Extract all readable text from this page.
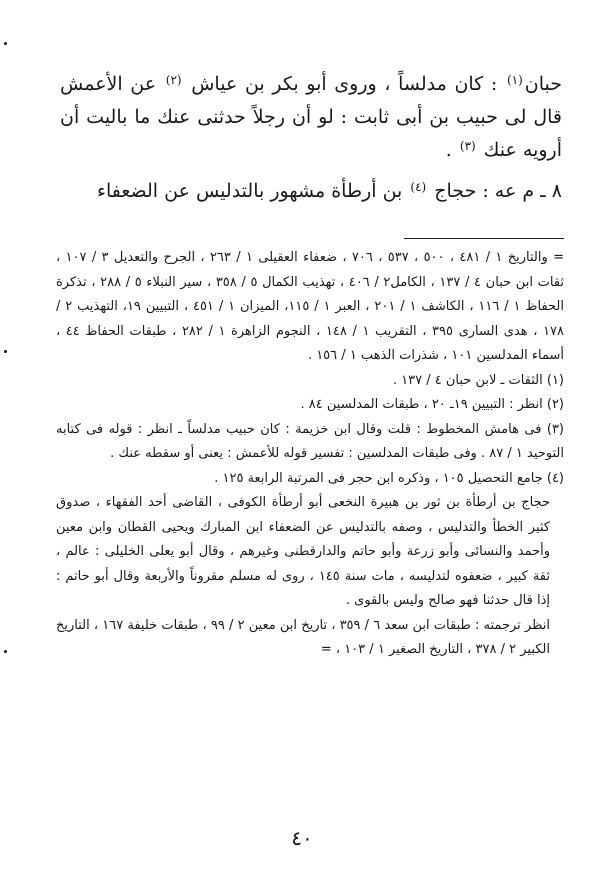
حبان$^{(١)}$ : كان مدلساً ، وروى أبو بكر بن عياش $^{(٢)}$ عن الأعمش قال لى حبيب بن أبى ثابت : لو أن رجلاً حدثنى عنك ما باليت أن أرويه عنك $^{(٣)}$ .

٨ ـ م عه : حجاج $^{(٤)}$ بن أرطأة مشهور بالتدليس عن الضعفاء

= والتاريخ ١ / ٤٨١ ، ٥٠٠ ، ٥٣٧ ، ٧٠٦ ، ضعفاء العقيلى ١ / ٢٦٣ ، الجرح والتعديل ٣ / ١٠٧ ، ثقات ابن حبان ٤ / ١٣٧ ، الكامل٢ / ٤٠٦ ، تهذيب الكمال ٥ / ٣٥٨ ، سير النبلاء ٥ / ٢٨٨ ، تذكرة الحفاظ ١ / ١١٦ ، الكاشف ١ / ٢٠١ ، العبر ١ / ١١٥، الميزان ١ / ٤٥١ ، التبيين ١٩، التهذيب ٢ / ١٧٨ ، هدى السارى ٣٩٥ ، التقريب ١ / ١٤٨ ، النجوم الزاهرة ١ / ٢٨٢ ، طبقات الحفاظ ٤٤ ، أسماء المدلسين ١٠١ ، شذرات الذهب ١ / ١٥٦ .

(١) الثقات ـ لابن حبان ٤ / ١٣٧ .

(٢) انظر : التبيين ١٩ـ ٢٠ ، طبقات المدلسين ٨٤ .

(٣) فى هامش المخطوط : قلت وقال ابن خزيمة : كان حبيب مدلساً ـ انظر : قوله فى كتابه التوحيد ١ / ٨٧ . وفى طبقات المدلسين : تفسير قوله للأعمش : يعنى أو سقطه عنك .

(٤) جامع التحصيل ١٠٥ ، وذكره ابن حجر فى المرتبة الرابعة ١٢٥ .

حجاج بن أرطأة بن ثور بن هبيرة النخعى أبو أرطأة الكوفى ، القاضى أحد الفقهاء ، صدوق كثير الخطأ والتدليس ، وصفه بالتدليس عن الضعفاء ابن المبارك ويحيى القطان وابن معين وأحمد والنسائى وأبو زرعة وأبو حاتم والدارقطنى وغيرهم ، وقال أبو يعلى الخليلى : عالم ، ثقة كبير ، ضعفوه لتدليسه ، مات سنة ١٤٥ ، روى له مسلم مقروناً والأربعة وقال أبو حاتم : إذا قال حدثنا فهو صالح وليس بالقوى .

انظر ترجمته : طبقات ابن سعد ٦ / ٣٥٩ ، تاريخ ابن معين ٢ / ٩٩ ، طبقات خليفة ١٦٧ ، التاريخ الكبير ٢ / ٣٧٨ ، التاريخ الصغير ١ / ١٠٣ ، =

٤٠
